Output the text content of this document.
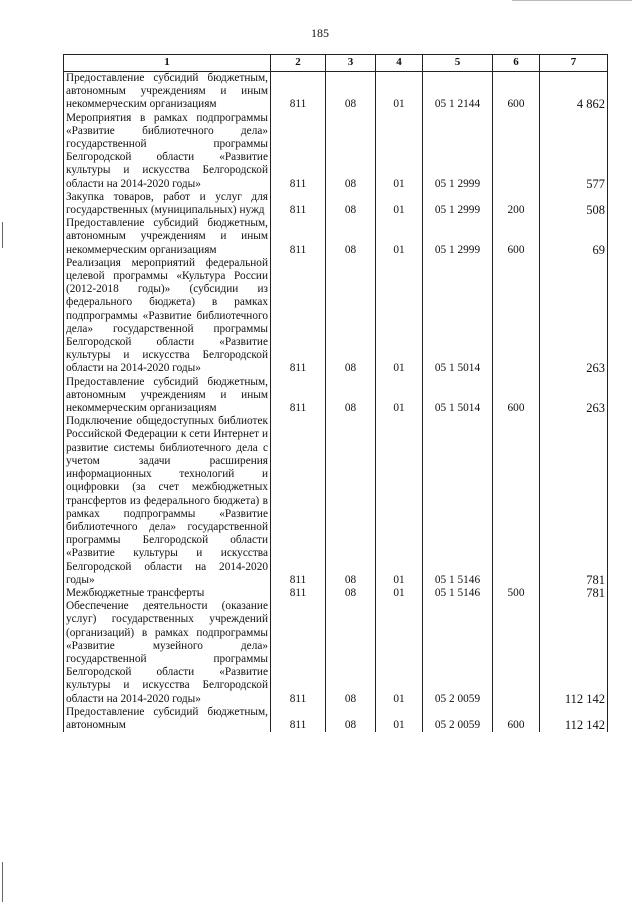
185
1	2	3	4	5	6	7
Предоставление субсидий бюджетным, автономным учреждениям и иным некоммерческим организациям	811	08	01	05 1 2144	600	4 862
Мероприятия в рамках подпрограммы «Развитие библиотечного дела» государственной программы Белгородской области «Развитие культуры и искусства Белгородской области на 2014-2020 годы»	811	08	01	05 1 2999		577
Закупка товаров, работ и услуг для государственных (муниципальных) нужд	811	08	01	05 1 2999	200	508
Предоставление субсидий бюджетным, автономным учреждениям и иным некоммерческим организациям	811	08	01	05 1 2999	600	69
Реализация мероприятий федеральной целевой программы «Культура России (2012-2018 годы)» (субсидии из федерального бюджета) в рамках подпрограммы «Развитие библиотечного дела» государственной программы Белгородской области «Развитие культуры и искусства Белгородской области на 2014-2020 годы»	811	08	01	05 1 5014		263
Предоставление субсидий бюджетным, автономным учреждениям и иным некоммерческим организациям	811	08	01	05 1 5014	600	263
Подключение общедоступных библиотек Российской Федерации к сети Интернет и развитие системы библиотечного дела с учетом задачи расширения информационных технологий и оцифровки (за счет межбюджетных трансфертов из федерального бюджета) в рамках подпрограммы «Развитие библиотечного дела» государственной программы Белгородской области «Развитие культуры и искусства Белгородской области на 2014-2020 годы»	811	08	01	05 1 5146		781
Межбюджетные трансферты	811	08	01	05 1 5146	500	781
Обеспечение деятельности (оказание услуг) государственных учреждений (организаций) в рамках подпрограммы «Развитие музейного дела» государственной программы Белгородской области «Развитие культуры и искусства Белгородской области на 2014-2020 годы»	811	08	01	05 2 0059		112 142
Предоставление субсидий бюджетным, автономным	811	08	01	05 2 0059	600	112 142
